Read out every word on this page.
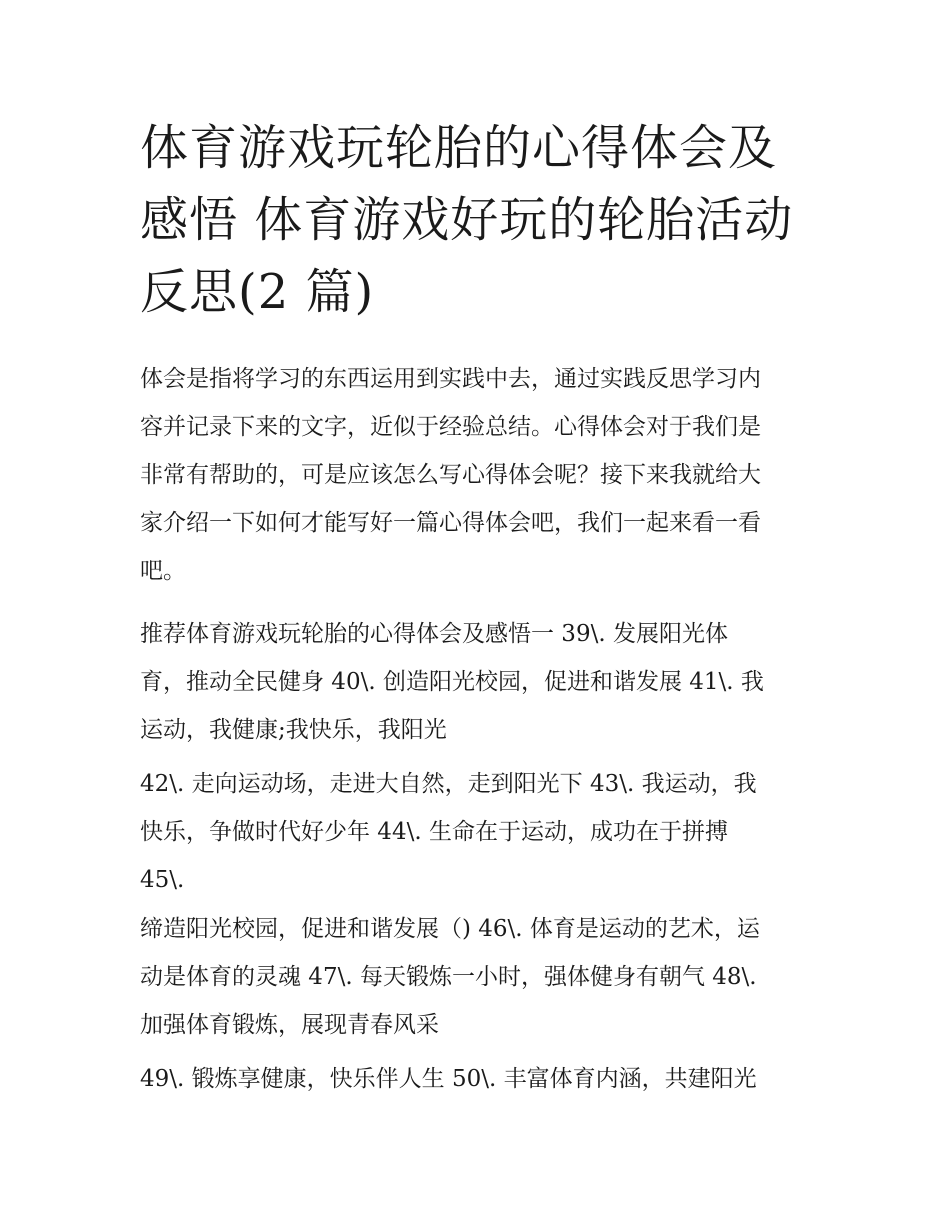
体育游戏玩轮胎的心得体会及
感悟 体育游戏好玩的轮胎活动
反思(2 篇)

体会是指将学习的东西运用到实践中去，通过实践反思学习内
容并记录下来的文字，近似于经验总结。心得体会对于我们是
非常有帮助的，可是应该怎么写心得体会呢？接下来我就给大
家介绍一下如何才能写好一篇心得体会吧，我们一起来看一看
吧。

推荐体育游戏玩轮胎的心得体会及感悟一 39\. 发展阳光体
育，推动全民健身 40\. 创造阳光校园，促进和谐发展 41\. 我
运动，我健康;我快乐，我阳光

42\. 走向运动场，走进大自然，走到阳光下 43\. 我运动，我
快乐，争做时代好少年 44\. 生命在于运动，成功在于拼搏
45\.

缔造阳光校园，促进和谐发展（) 46\. 体育是运动的艺术，运
动是体育的灵魂 47\. 每天锻炼一小时，强体健身有朝气 48\.
加强体育锻炼，展现青春风采

49\. 锻炼享健康，快乐伴人生 50\. 丰富体育内涵，共建阳光
